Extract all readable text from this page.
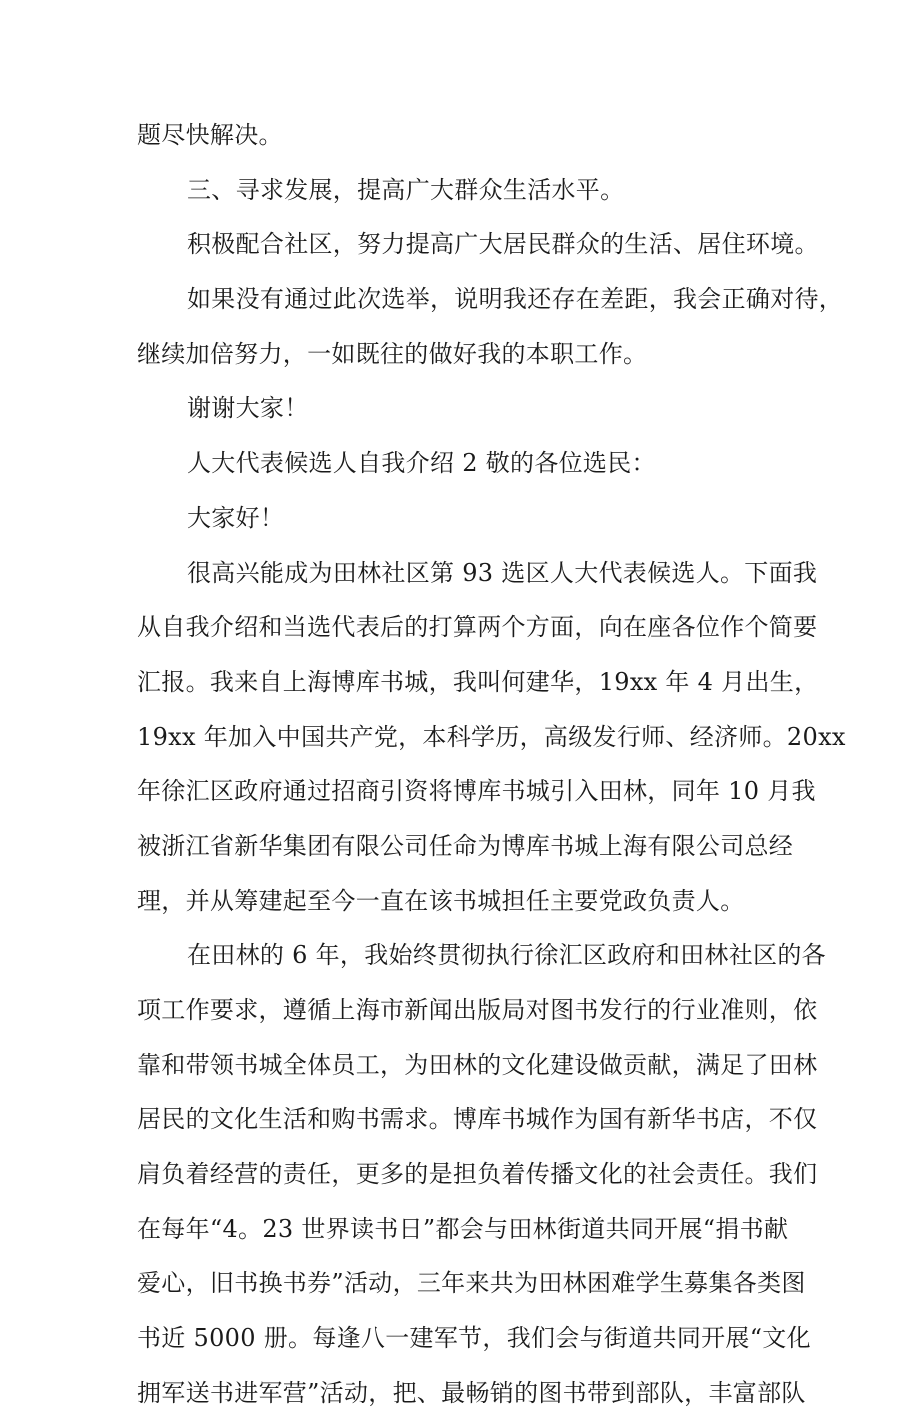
题尽快解决。
三、寻求发展，提高广大群众生活水平。
积极配合社区，努力提高广大居民群众的生活、居住环境。
如果没有通过此次选举，说明我还存在差距，我会正确对待，
继续加倍努力，一如既往的做好我的本职工作。
谢谢大家！
人大代表候选人自我介绍 2 敬的各位选民：
大家好！
很高兴能成为田林社区第 93 选区人大代表候选人。下面我
从自我介绍和当选代表后的打算两个方面，向在座各位作个简要
汇报。我来自上海博库书城，我叫何建华，19xx 年 4 月出生，
19xx 年加入中国共产党，本科学历，高级发行师、经济师。20xx
年徐汇区政府通过招商引资将博库书城引入田林，同年 10 月我
被浙江省新华集团有限公司任命为博库书城上海有限公司总经
理，并从筹建起至今一直在该书城担任主要党政负责人。
在田林的 6 年，我始终贯彻执行徐汇区政府和田林社区的各
项工作要求，遵循上海市新闻出版局对图书发行的行业准则，依
靠和带领书城全体员工，为田林的文化建设做贡献，满足了田林
居民的文化生活和购书需求。博库书城作为国有新华书店，不仅
肩负着经营的责任，更多的是担负着传播文化的社会责任。我们
在每年“4。23 世界读书日”都会与田林街道共同开展“捐书献
爱心，旧书换书券”活动，三年来共为田林困难学生募集各类图
书近 5000 册。每逢八一建军节，我们会与街道共同开展“文化
拥军送书进军营”活动，把、最畅销的图书带到部队，丰富部队
